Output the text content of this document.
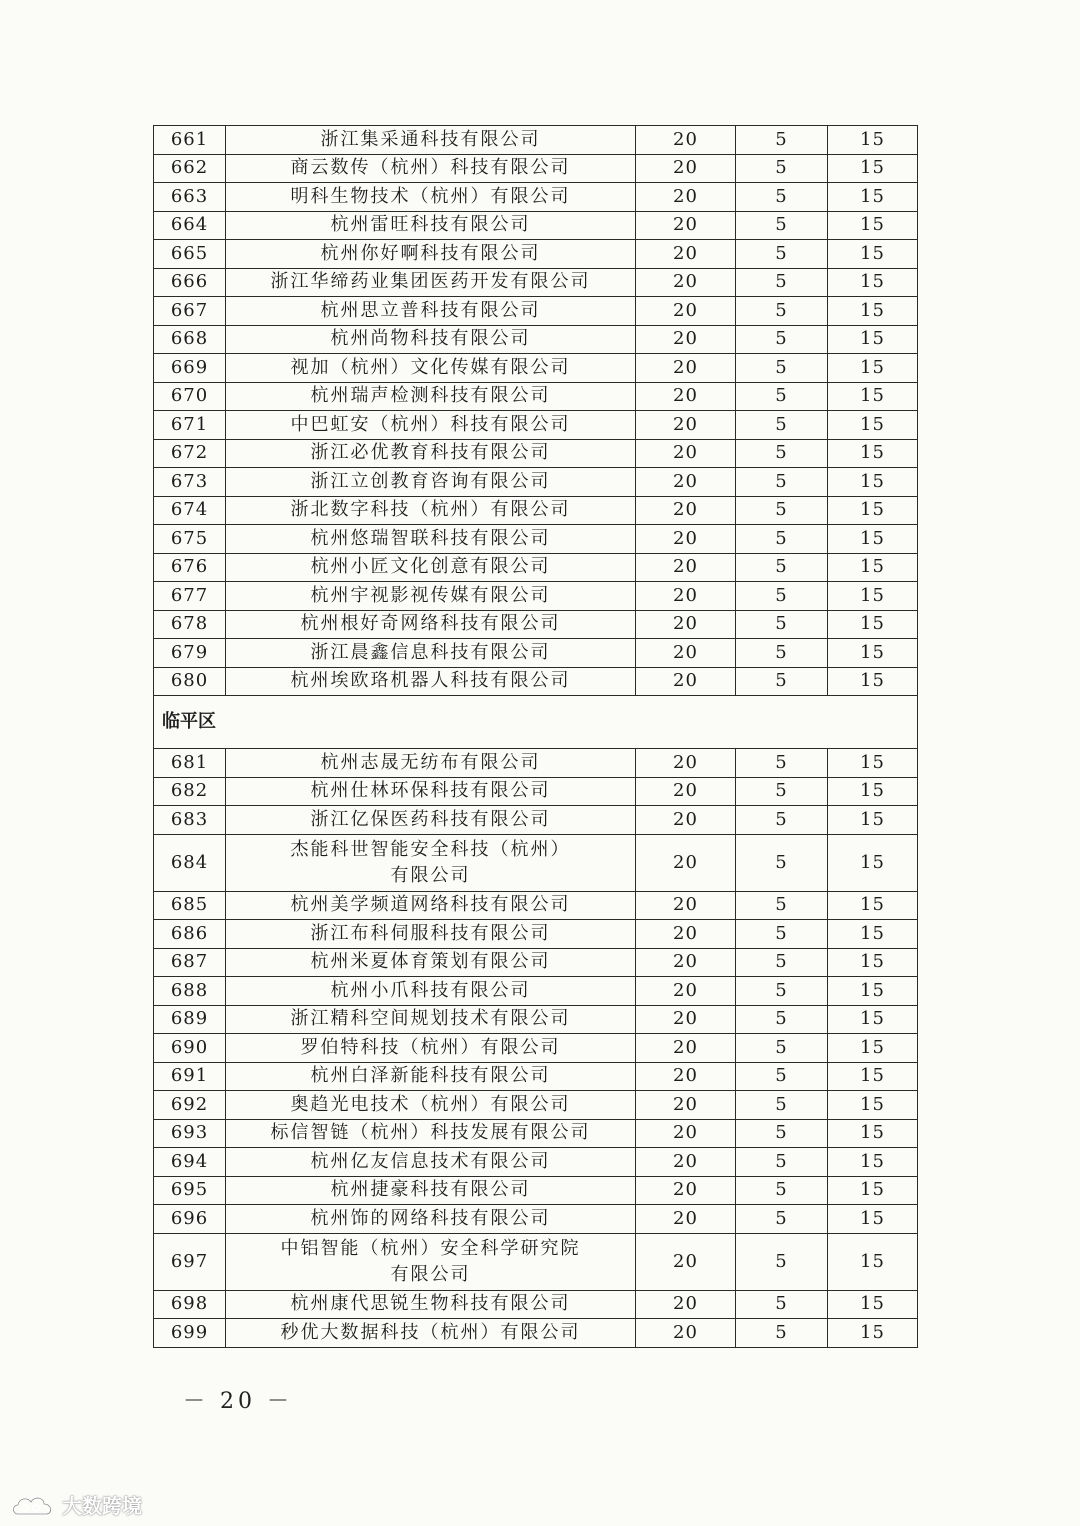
661	浙江集采通科技有限公司	20	5	15
662	商云数传（杭州）科技有限公司	20	5	15
663	明科生物技术（杭州）有限公司	20	5	15
664	杭州雷旺科技有限公司	20	5	15
665	杭州你好啊科技有限公司	20	5	15
666	浙江华缔药业集团医药开发有限公司	20	5	15
667	杭州思立普科技有限公司	20	5	15
668	杭州尚物科技有限公司	20	5	15
669	视加（杭州）文化传媒有限公司	20	5	15
670	杭州瑞声检测科技有限公司	20	5	15
671	中巴虹安（杭州）科技有限公司	20	5	15
672	浙江必优教育科技有限公司	20	5	15
673	浙江立创教育咨询有限公司	20	5	15
674	浙北数字科技（杭州）有限公司	20	5	15
675	杭州悠瑞智联科技有限公司	20	5	15
676	杭州小匠文化创意有限公司	20	5	15
677	杭州宇视影视传媒有限公司	20	5	15
678	杭州根好奇网络科技有限公司	20	5	15
679	浙江晨鑫信息科技有限公司	20	5	15
680	杭州埃欧珞机器人科技有限公司	20	5	15
临平区				
681	杭州志晟无纺布有限公司	20	5	15
682	杭州仕林环保科技有限公司	20	5	15
683	浙江亿保医药科技有限公司	20	5	15
684	杰能科世智能安全科技（杭州）
有限公司	20	5	15
685	杭州美学频道网络科技有限公司	20	5	15
686	浙江布科伺服科技有限公司	20	5	15
687	杭州米夏体育策划有限公司	20	5	15
688	杭州小爪科技有限公司	20	5	15
689	浙江精科空间规划技术有限公司	20	5	15
690	罗伯特科技（杭州）有限公司	20	5	15
691	杭州白泽新能科技有限公司	20	5	15
692	奥趋光电技术（杭州）有限公司	20	5	15
693	标信智链（杭州）科技发展有限公司	20	5	15
694	杭州亿友信息技术有限公司	20	5	15
695	杭州捷豪科技有限公司	20	5	15
696	杭州饰的网络科技有限公司	20	5	15
697	中铝智能（杭州）安全科学研究院
有限公司	20	5	15
698	杭州康代思锐生物科技有限公司	20	5	15
699	秒优大数据科技（杭州）有限公司	20	5	15
－ 20 －
大数跨境
